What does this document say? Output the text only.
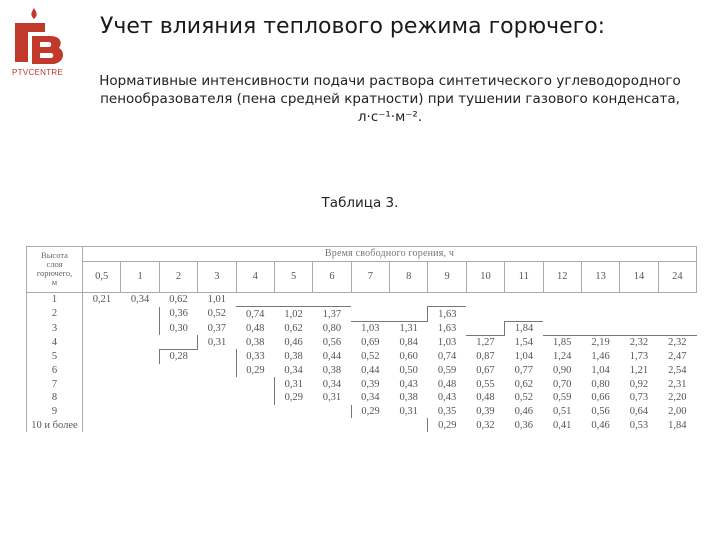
PTVCENTRE
Учет влияния теплового режима горючего:
Нормативные интенсивности подачи раствора синтетического углеводородного
пенообразователя (пена средней кратности) при тушении газового конденсата,
л·с⁻¹·м⁻².
Таблица 3.
Высота
слоя
горючего,
м	Время свободного горения, ч															
	0,5	1	2	3	4	5	6	7	8	9	10	11	12	13	14	24
1	0,21	0,34	0,62	1,01												
2			0,36	0,52	0,74	1,02	1,37			1,63						
3			0,30	0,37	0,48	0,62	0,80	1,03	1,31	1,63		1,84				
4				0,31	0,38	0,46	0,56	0,69	0,84	1,03	1,27	1,54	1,85	2,19	2,32	2,32
5			0,28		0,33	0,38	0,44	0,52	0,60	0,74	0,87	1,04	1,24	1,46	1,73	2,47
6					0,29	0,34	0,38	0,44	0,50	0,59	0,67	0,77	0,90	1,04	1,21	2,54
7						0,31	0,34	0,39	0,43	0,48	0,55	0,62	0,70	0,80	0,92	2,31
8						0,29	0,31	0,34	0,38	0,43	0,48	0,52	0,59	0,66	0,73	2,20
9								0,29	0,31	0,35	0,39	0,46	0,51	0,56	0,64	2,00
10 и более										0,29	0,32	0,36	0,41	0,46	0,53	1,84
